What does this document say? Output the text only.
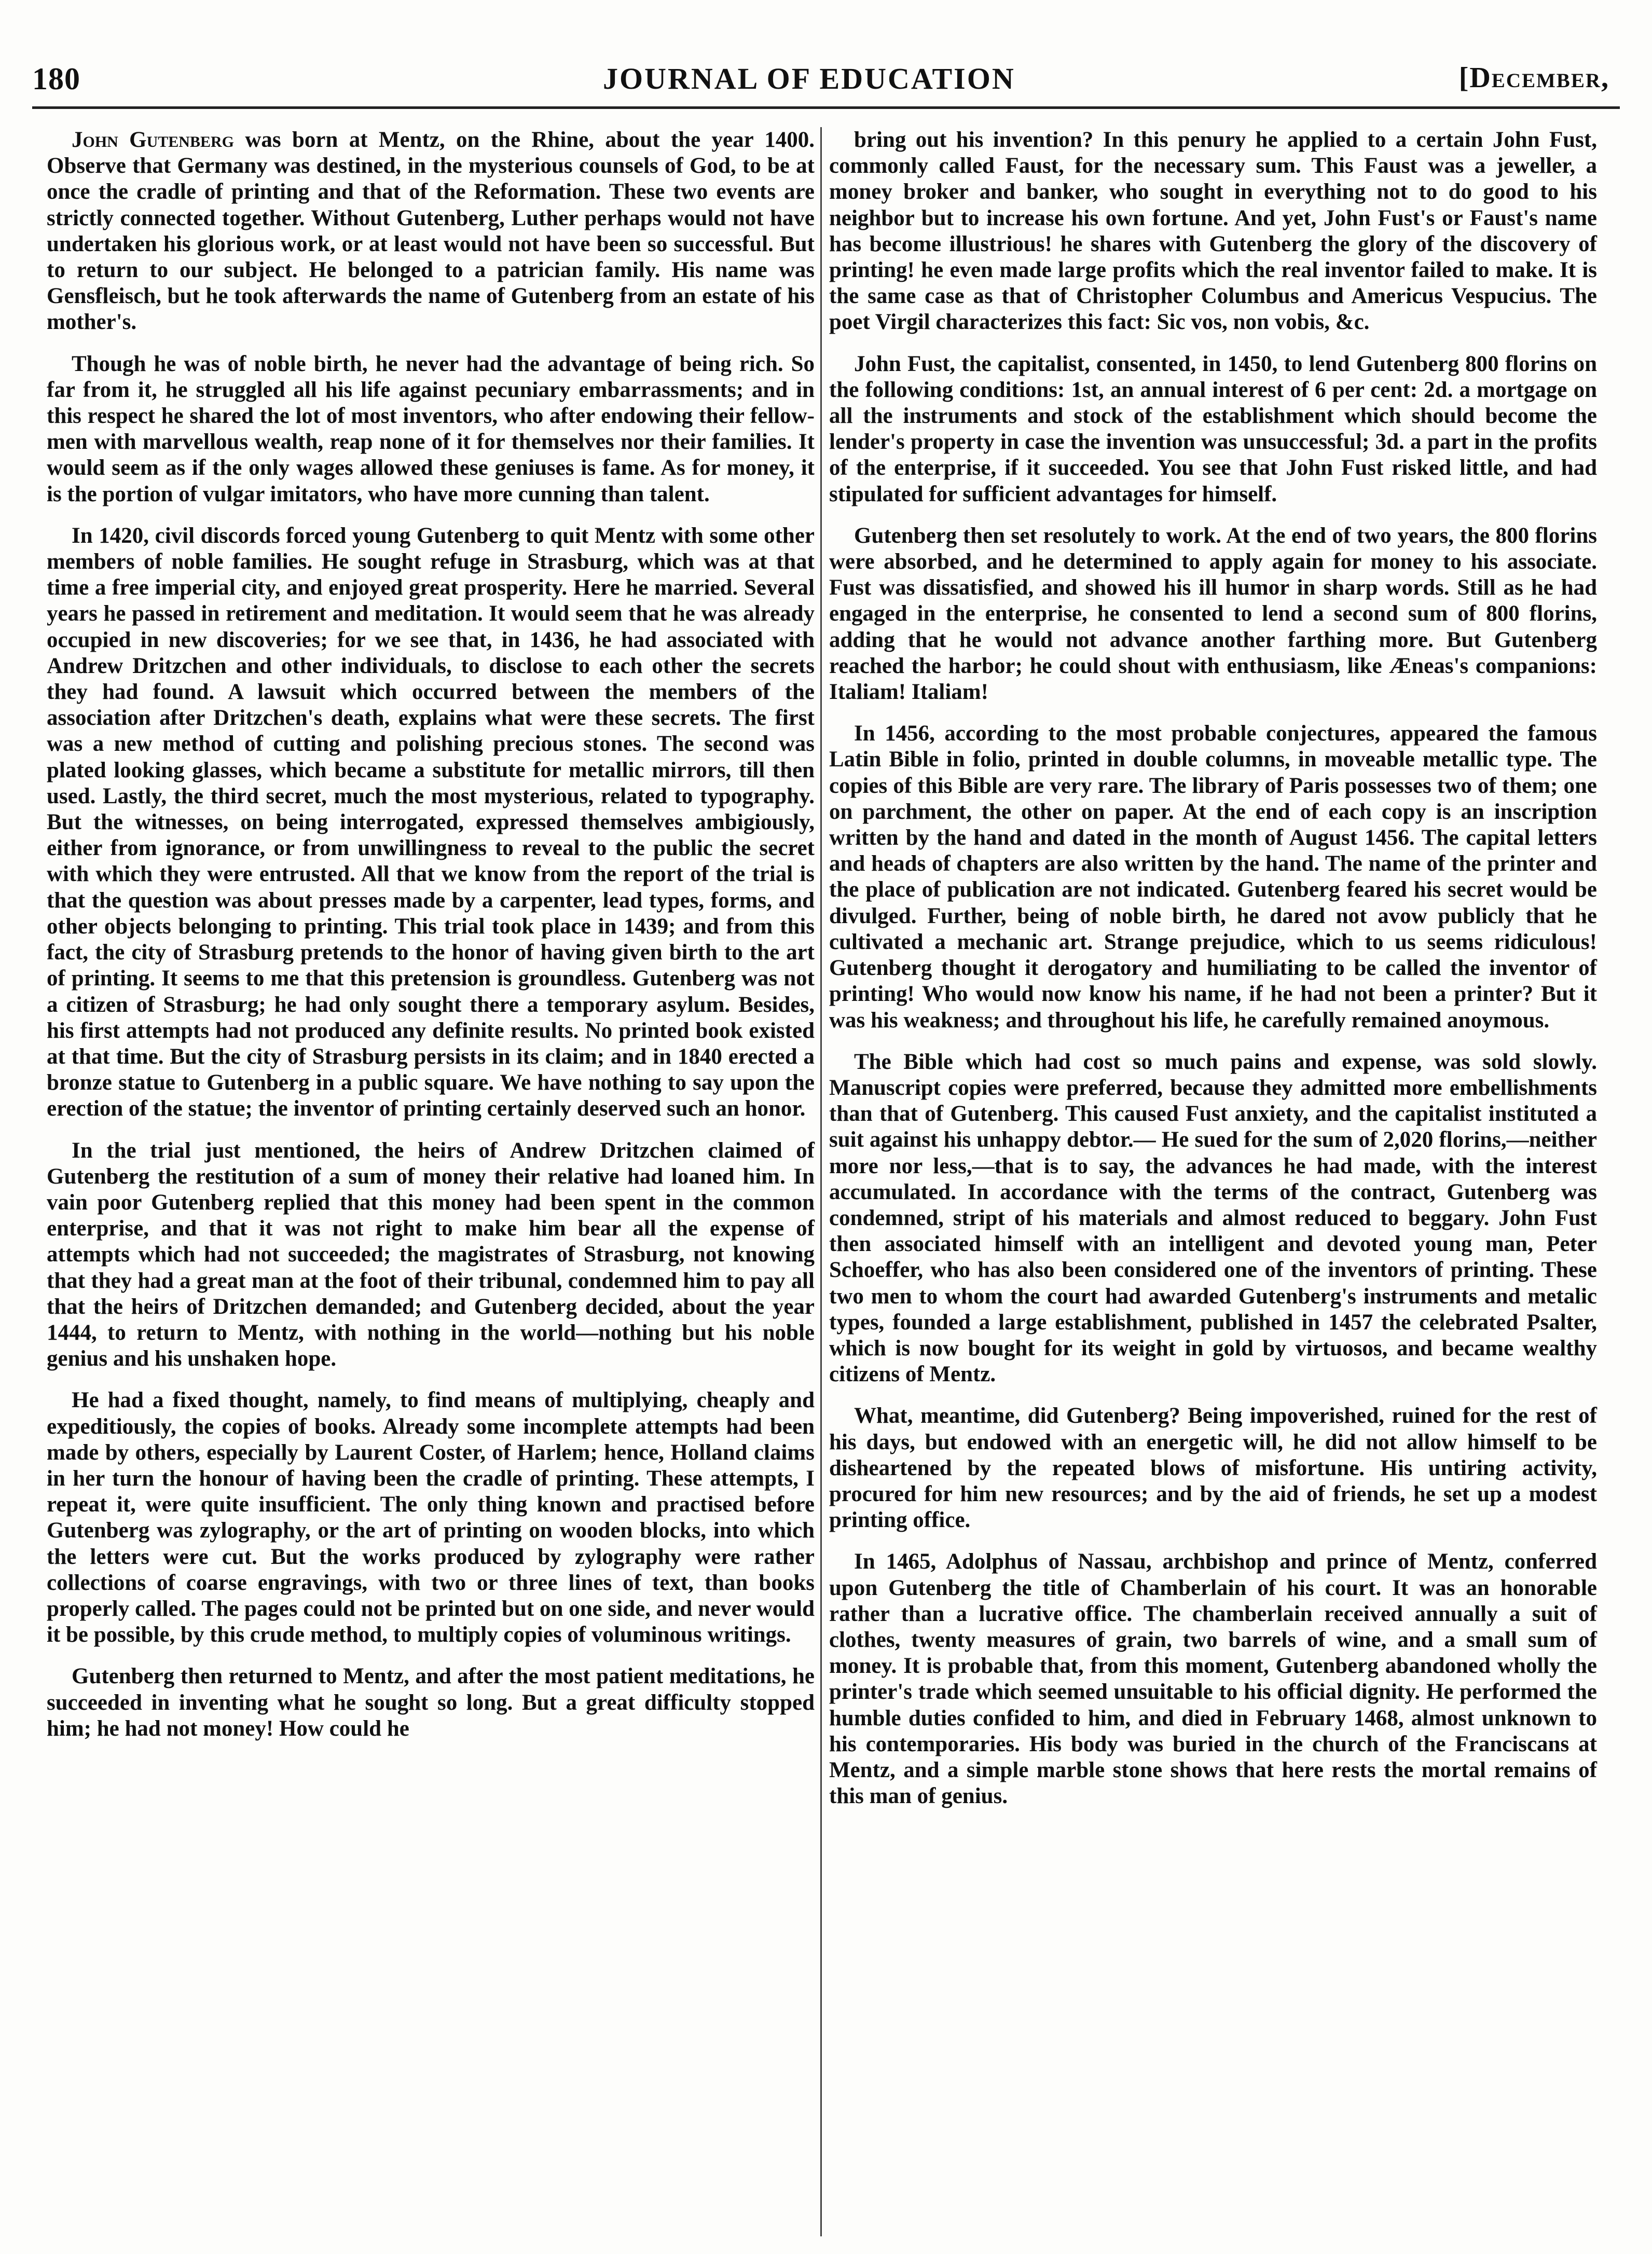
180	JOURNAL OF EDUCATION	[December,

John Gutenberg was born at Mentz, on the Rhine, about the year 1400. Observe that Germany was destined, in the mysterious counsels of God, to be at once the cradle of printing and that of the Reformation. These two events are strictly connected together. Without Gutenberg, Luther perhaps would not have undertaken his glorious work, or at least would not have been so successful. But to return to our subject. He belonged to a patrician family. His name was Gensfleisch, but he took afterwards the name of Gutenberg from an estate of his mother's.

Though he was of noble birth, he never had the advantage of being rich. So far from it, he struggled all his life against pecuniary embarrassments; and in this respect he shared the lot of most inventors, who after endowing their fellow-men with marvellous wealth, reap none of it for themselves nor their families. It would seem as if the only wages allowed these geniuses is fame. As for money, it is the portion of vulgar imitators, who have more cunning than talent.

In 1420, civil discords forced young Gutenberg to quit Mentz with some other members of noble families. He sought refuge in Strasburg, which was at that time a free imperial city, and enjoyed great prosperity. Here he married. Several years he passed in retirement and meditation. It would seem that he was already occupied in new discoveries; for we see that, in 1436, he had associated with Andrew Dritzchen and other individuals, to disclose to each other the secrets they had found. A lawsuit which occurred between the members of the association after Dritzchen's death, explains what were these secrets. The first was a new method of cutting and polishing precious stones. The second was plated looking glasses, which became a substitute for metallic mirrors, till then used. Lastly, the third secret, much the most mysterious, related to typography. But the witnesses, on being interrogated, expressed themselves ambigiously, either from ignorance, or from unwillingness to reveal to the public the secret with which they were entrusted. All that we know from the report of the trial is that the question was about presses made by a carpenter, lead types, forms, and other objects belonging to printing. This trial took place in 1439; and from this fact, the city of Strasburg pretends to the honor of having given birth to the art of printing. It seems to me that this pretension is groundless. Gutenberg was not a citizen of Strasburg; he had only sought there a temporary asylum. Besides, his first attempts had not produced any definite results. No printed book existed at that time. But the city of Strasburg persists in its claim; and in 1840 erected a bronze statue to Gutenberg in a public square. We have nothing to say upon the erection of the statue; the inventor of printing certainly deserved such an honor.

In the trial just mentioned, the heirs of Andrew Dritzchen claimed of Gutenberg the restitution of a sum of money their relative had loaned him. In vain poor Gutenberg replied that this money had been spent in the common enterprise, and that it was not right to make him bear all the expense of attempts which had not succeeded; the magistrates of Strasburg, not knowing that they had a great man at the foot of their tribunal, condemned him to pay all that the heirs of Dritzchen demanded; and Gutenberg decided, about the year 1444, to return to Mentz, with nothing in the world—nothing but his noble genius and his unshaken hope.

He had a fixed thought, namely, to find means of multiplying, cheaply and expeditiously, the copies of books. Already some incomplete attempts had been made by others, especially by Laurent Coster, of Harlem; hence, Holland claims in her turn the honour of having been the cradle of printing. These attempts, I repeat it, were quite insufficient. The only thing known and practised before Gutenberg was zylography, or the art of printing on wooden blocks, into which the letters were cut. But the works produced by zylography were rather collections of coarse engravings, with two or three lines of text, than books properly called. The pages could not be printed but on one side, and never would it be possible, by this crude method, to multiply copies of voluminous writings.

Gutenberg then returned to Mentz, and after the most patient meditations, he succeeded in inventing what he sought so long. But a great difficulty stopped him; he had not money! How could he

bring out his invention? In this penury he applied to a certain John Fust, commonly called Faust, for the necessary sum. This Faust was a jeweller, a money broker and banker, who sought in everything not to do good to his neighbor but to increase his own fortune. And yet, John Fust's or Faust's name has become illustrious! he shares with Gutenberg the glory of the discovery of printing! he even made large profits which the real inventor failed to make. It is the same case as that of Christopher Columbus and Americus Vespucius. The poet Virgil characterizes this fact: Sic vos, non vobis, &c.

John Fust, the capitalist, consented, in 1450, to lend Gutenberg 800 florins on the following conditions: 1st, an annual interest of 6 per cent: 2d. a mortgage on all the instruments and stock of the establishment which should become the lender's property in case the invention was unsuccessful; 3d. a part in the profits of the enterprise, if it succeeded. You see that John Fust risked little, and had stipulated for sufficient advantages for himself.

Gutenberg then set resolutely to work. At the end of two years, the 800 florins were absorbed, and he determined to apply again for money to his associate. Fust was dissatisfied, and showed his ill humor in sharp words. Still as he had engaged in the enterprise, he consented to lend a second sum of 800 florins, adding that he would not advance another farthing more. But Gutenberg reached the harbor; he could shout with enthusiasm, like Æneas's companions: Italiam! Italiam!

In 1456, according to the most probable conjectures, appeared the famous Latin Bible in folio, printed in double columns, in moveable metallic type. The copies of this Bible are very rare. The library of Paris possesses two of them; one on parchment, the other on paper. At the end of each copy is an inscription written by the hand and dated in the month of August 1456. The capital letters and heads of chapters are also written by the hand. The name of the printer and the place of publication are not indicated. Gutenberg feared his secret would be divulged. Further, being of noble birth, he dared not avow publicly that he cultivated a mechanic art. Strange prejudice, which to us seems ridiculous! Gutenberg thought it derogatory and humiliating to be called the inventor of printing! Who would now know his name, if he had not been a printer? But it was his weakness; and throughout his life, he carefully remained anoymous.

The Bible which had cost so much pains and expense, was sold slowly. Manuscript copies were preferred, because they admitted more embellishments than that of Gutenberg. This caused Fust anxiety, and the capitalist instituted a suit against his unhappy debtor.— He sued for the sum of 2,020 florins,—neither more nor less,—that is to say, the advances he had made, with the interest accumulated. In accordance with the terms of the contract, Gutenberg was condemned, stript of his materials and almost reduced to beggary. John Fust then associated himself with an intelligent and devoted young man, Peter Schoeffer, who has also been considered one of the inventors of printing. These two men to whom the court had awarded Gutenberg's instruments and metalic types, founded a large establishment, published in 1457 the celebrated Psalter, which is now bought for its weight in gold by virtuosos, and became wealthy citizens of Mentz.

What, meantime, did Gutenberg? Being impoverished, ruined for the rest of his days, but endowed with an energetic will, he did not allow himself to be disheartened by the repeated blows of misfortune. His untiring activity, procured for him new resources; and by the aid of friends, he set up a modest printing office.

In 1465, Adolphus of Nassau, archbishop and prince of Mentz, conferred upon Gutenberg the title of Chamberlain of his court. It was an honorable rather than a lucrative office. The chamberlain received annually a suit of clothes, twenty measures of grain, two barrels of wine, and a small sum of money. It is probable that, from this moment, Gutenberg abandoned wholly the printer's trade which seemed unsuitable to his official dignity. He performed the humble duties confided to him, and died in February 1468, almost unknown to his contemporaries. His body was buried in the church of the Franciscans at Mentz, and a simple marble stone shows that here rests the mortal remains of this man of genius.
